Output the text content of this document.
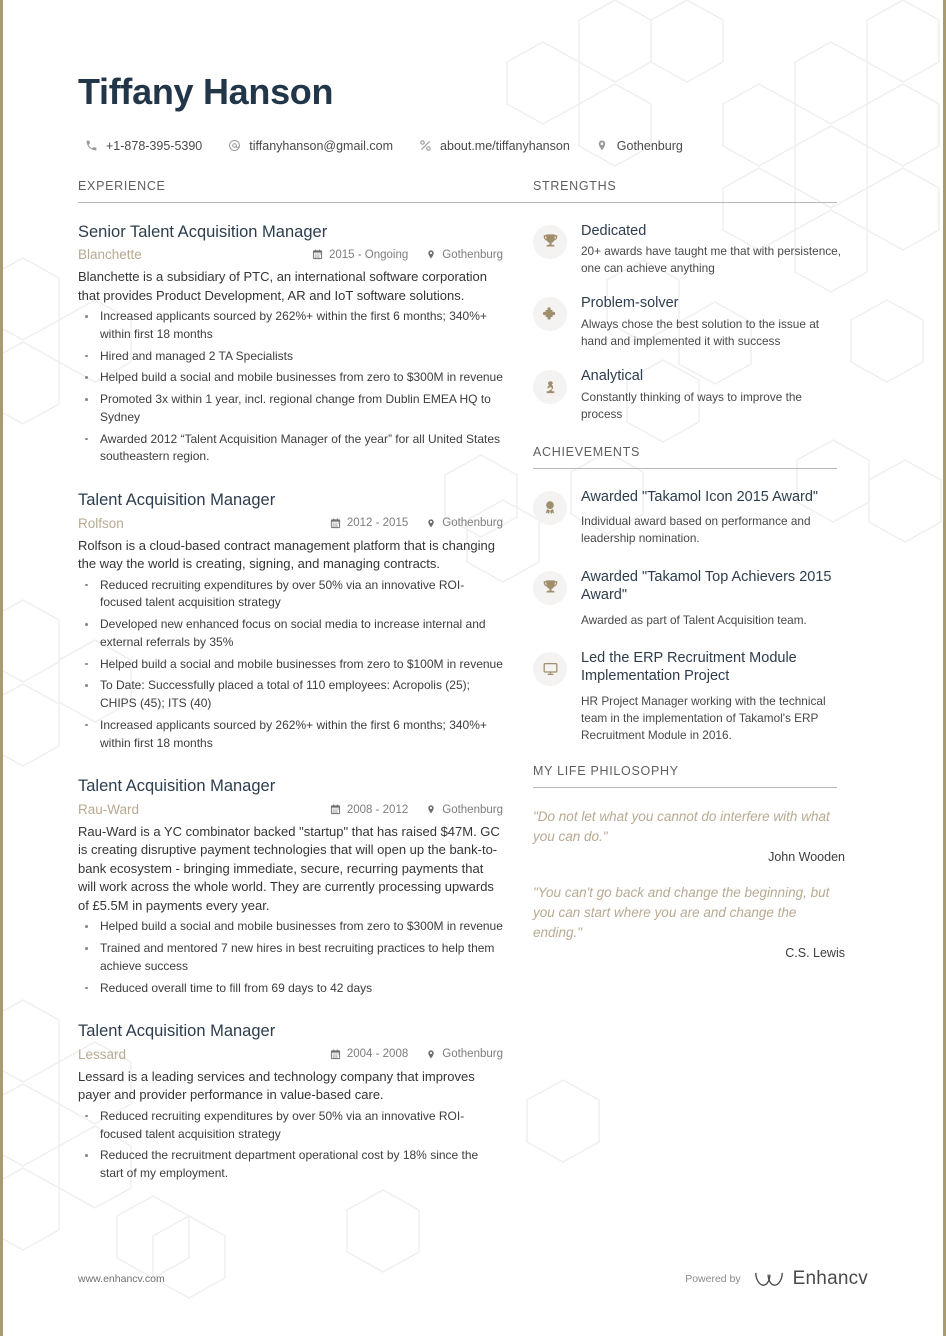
Tiffany Hanson
+1-878-395-5390	tiffanyhanson@gmail.com	about.me/tiffanyhanson	Gothenburg
EXPERIENCE
Senior Talent Acquisition Manager
Blanchette	2015 - Ongoing	Gothenburg
Blanchette is a subsidiary of PTC, an international software corporation that provides Product Development, AR and IoT software solutions.
Increased applicants sourced by 262%+ within the first 6 months; 340%+ within first 18 months
Hired and managed 2 TA Specialists
Helped build a social and mobile businesses from zero to $300M in revenue
Promoted 3x within 1 year, incl. regional change from Dublin EMEA HQ to Sydney
Awarded 2012 “Talent Acquisition Manager of the year” for all United States southeastern region.
Talent Acquisition Manager
Rolfson	2012 - 2015	Gothenburg
Rolfson is a cloud-based contract management platform that is changing the way the world is creating, signing, and managing contracts.
Reduced recruiting expenditures by over 50% via an innovative ROI-focused talent acquisition strategy
Developed new enhanced focus on social media to increase internal and external referrals by 35%
Helped build a social and mobile businesses from zero to $100M in revenue
To Date: Successfully placed a total of 110 employees: Acropolis (25); CHIPS (45); ITS (40)
Increased applicants sourced by 262%+ within the first 6 months; 340%+ within first 18 months
Talent Acquisition Manager
Rau-Ward	2008 - 2012	Gothenburg
Rau-Ward is a YC combinator backed "startup" that has raised $47M. GC is creating disruptive payment technologies that will open up the bank-to-bank ecosystem - bringing immediate, secure, recurring payments that will work across the whole world. They are currently processing upwards of £5.5M in payments every year.
Helped build a social and mobile businesses from zero to $300M in revenue
Trained and mentored 7 new hires in best recruiting practices to help them achieve success
Reduced overall time to fill from 69 days to 42 days
Talent Acquisition Manager
Lessard	2004 - 2008	Gothenburg
Lessard is a leading services and technology company that improves payer and provider performance in value-based care.
Reduced recruiting expenditures by over 50% via an innovative ROI-focused talent acquisition strategy
Reduced the recruitment department operational cost by 18% since the start of my employment.
STRENGTHS
Dedicated
20+ awards have taught me that with persistence, one can achieve anything
Problem-solver
Always chose the best solution to the issue at hand and implemented it with success
Analytical
Constantly thinking of ways to improve the process
ACHIEVEMENTS
Awarded "Takamol Icon 2015 Award"
Individual award based on performance and leadership nomination.
Awarded "Takamol Top Achievers 2015 Award"
Awarded as part of Talent Acquisition team.
Led the ERP Recruitment Module Implementation Project
HR Project Manager working with the technical team in the implementation of Takamol's ERP Recruitment Module in 2016.
MY LIFE PHILOSOPHY
"Do not let what you cannot do interfere with what you can do."
John Wooden
"You can't go back and change the beginning, but you can start where you are and change the ending."
C.S. Lewis
www.enhancv.com	Powered by	Enhancv
